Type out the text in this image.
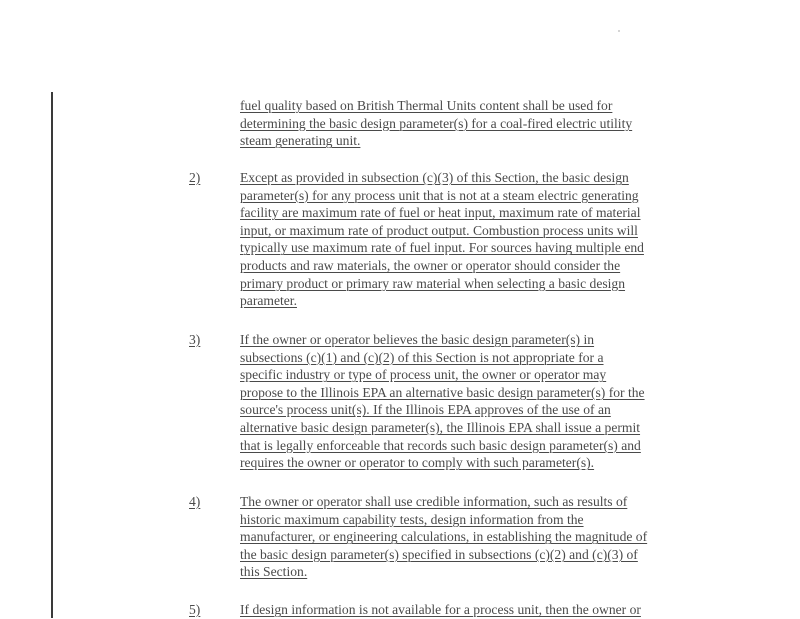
fuel quality based on British Thermal Units content shall be used for
determining the basic design parameter(s) for a coal-fired electric utility
steam generating unit.
2)	Except as provided in subsection (c)(3) of this Section, the basic design
parameter(s) for any process unit that is not at a steam electric generating
facility are maximum rate of fuel or heat input, maximum rate of material
input, or maximum rate of product output. Combustion process units will
typically use maximum rate of fuel input. For sources having multiple end
products and raw materials, the owner or operator should consider the
primary product or primary raw material when selecting a basic design
parameter.
3)	If the owner or operator believes the basic design parameter(s) in
subsections (c)(1) and (c)(2) of this Section is not appropriate for a
specific industry or type of process unit, the owner or operator may
propose to the Illinois EPA an alternative basic design parameter(s) for the
source's process unit(s). If the Illinois EPA approves of the use of an
alternative basic design parameter(s), the Illinois EPA shall issue a permit
that is legally enforceable that records such basic design parameter(s) and
requires the owner or operator to comply with such parameter(s).
4)	The owner or operator shall use credible information, such as results of
historic maximum capability tests, design information from the
manufacturer, or engineering calculations, in establishing the magnitude of
the basic design parameter(s) specified in subsections (c)(2) and (c)(3) of
this Section.
5)	If design information is not available for a process unit, then the owner or
